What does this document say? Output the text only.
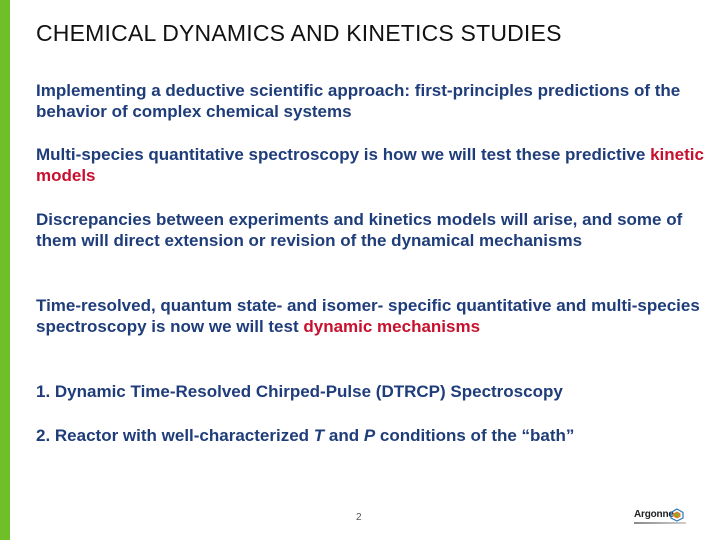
CHEMICAL DYNAMICS AND KINETICS STUDIES
Implementing a deductive scientific approach: first-principles predictions of the behavior of complex chemical systems
Multi-species quantitative spectroscopy is how we will test these predictive kinetic models
Discrepancies between experiments and kinetics models will arise, and some of them will direct extension or revision of the dynamical mechanisms
Time-resolved, quantum state- and isomer- specific quantitative and multi-species spectroscopy is now we will test dynamic mechanisms
1. Dynamic Time-Resolved Chirped-Pulse (DTRCP) Spectroscopy
2. Reactor with well-characterized T and P conditions of the “bath”
2	Argonne
